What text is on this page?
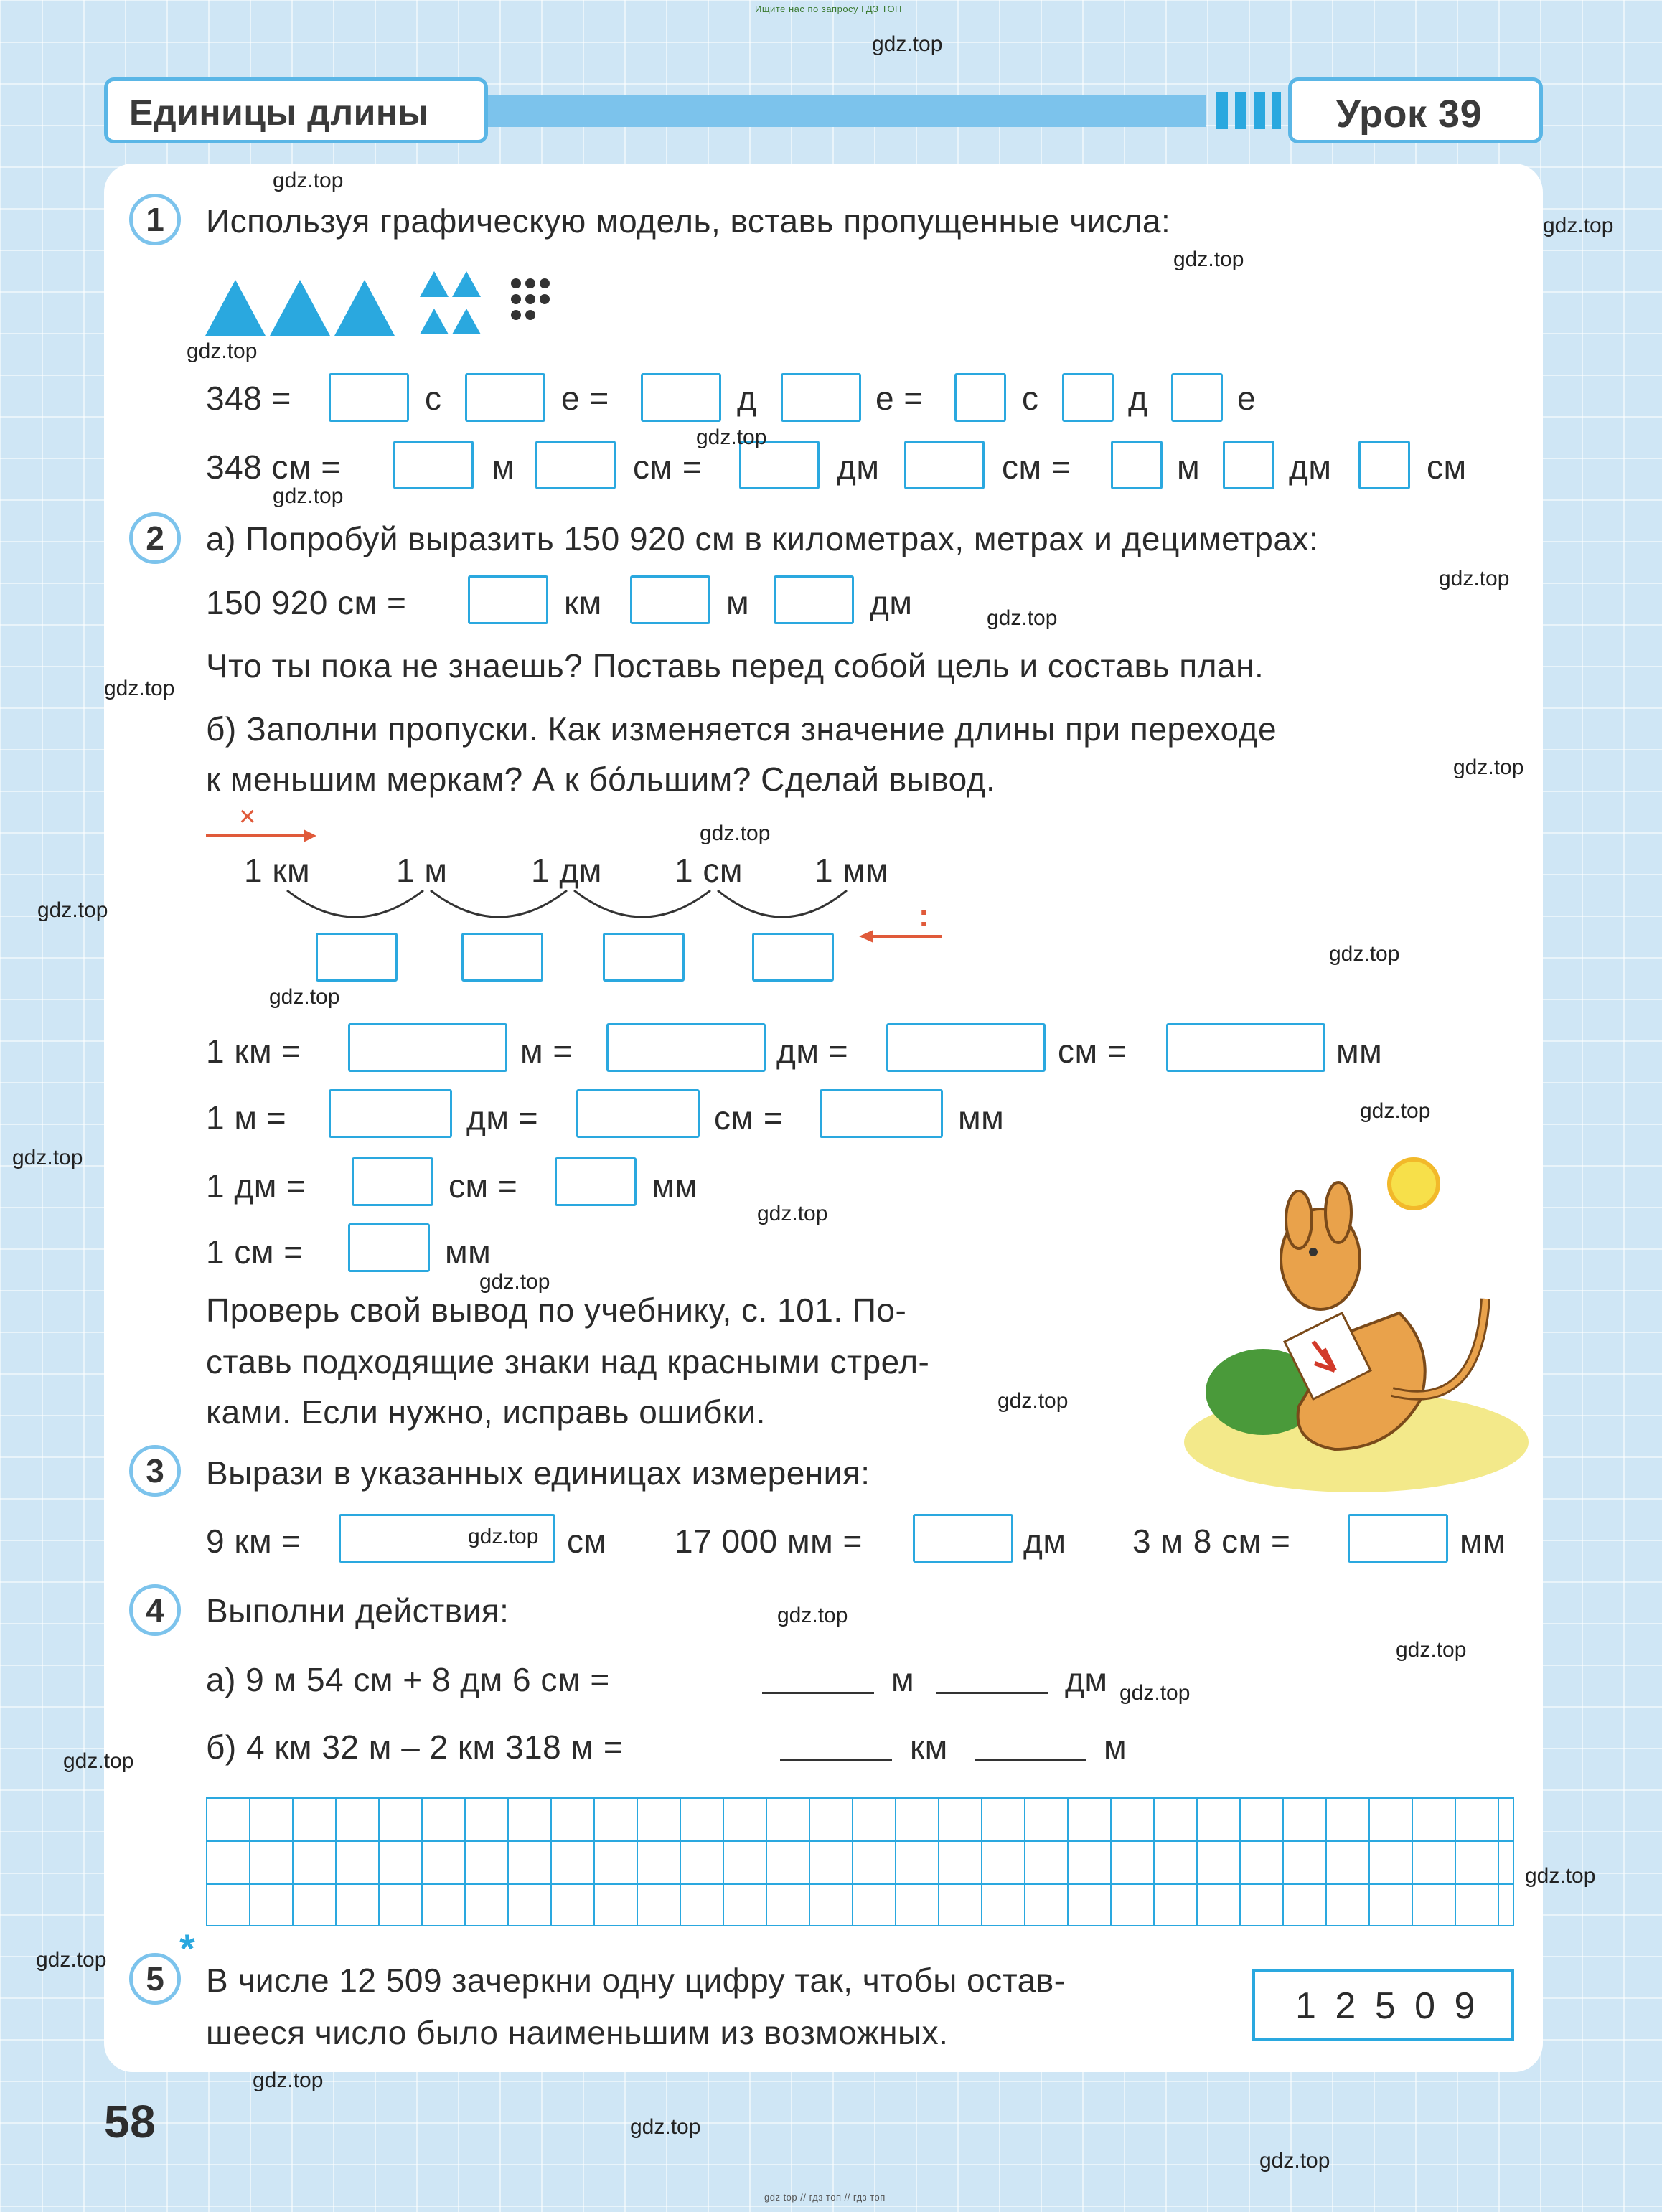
Ищите нас по запросу ГДЗ ТОП
gdz top // гдз топ // гдз топ
Единицы длины	Урок 39
1	Используя графическую модель, вставь пропущенные числа:
348 =	с	е =	д	е =	с	д	е
348 см =	м	см =	дм	см =	м	дм	см
2	а) Попробуй выразить 150 920 см в километрах, метрах и дециметрах:
150 920 см =	км	м	дм
Что ты пока не знаешь? Поставь перед собой цель и составь план.
б) Заполни пропуски. Как изменяется значение длины при переходе
к меньшим меркам? А к бо́льшим? Сделай вывод.
×
1 км	1 м	1 дм 1 см 1 мм
:
1 км =	м =	дм =	см =	мм
1 м =	дм =	см =	мм
1 дм =	см =	мм
1 см =	мм
Проверь свой вывод по учебнику, с. 101. По-
ставь подходящие знаки над красными стрел-
ками. Если нужно, исправь ошибки.
3	Вырази в указанных единицах измерения:
9 км =	см 17 000 мм =	дм 3 м 8 см =	мм
4	Выполни действия:
а) 9 м 54 см + 8 дм 6 см =	м	дм
б) 4 км 32 м – 2 км 318 м =	км	м
*
5	В числе 12 509 зачеркни одну цифру так, чтобы остав-
шееся число было наименьшим из возможных.
1 2 5 0 9
58
gdz.top
gdz.top
gdz.top
gdz.top
gdz.top
gdz.top
gdz.top
gdz.top
gdz.top
gdz.top
gdz.top
gdz.top
gdz.top
gdz.top
gdz.top
gdz.top
gdz.top
gdz.top
gdz.top
gdz.top
gdz.top
gdz.top
gdz.top
gdz.top
gdz.top
gdz.top
gdz.top
gdz.top
gdz.top
gdz.top
